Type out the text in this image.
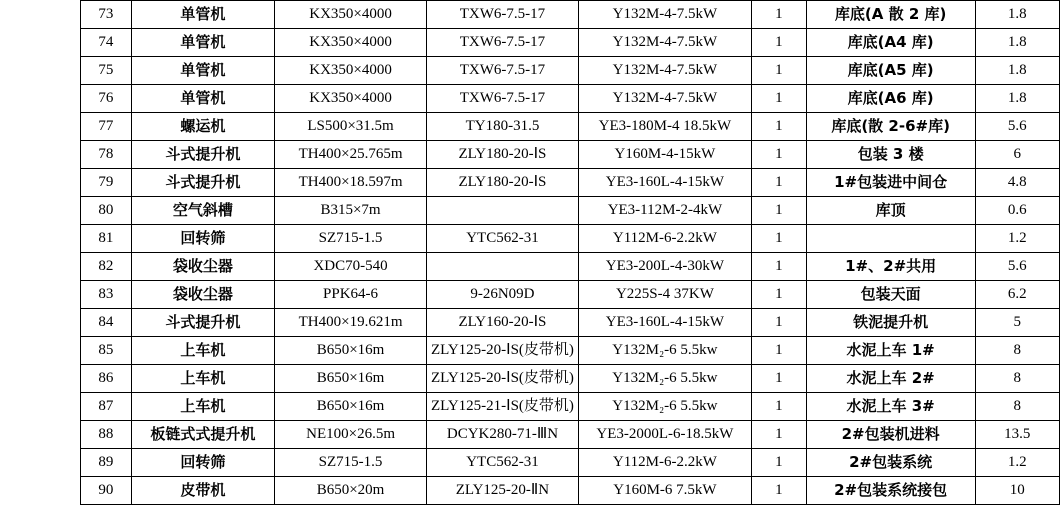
73	单管机	KX350×4000	TXW6-7.5-17	Y132M-4-7.5kW	1	库底(A 散 2 库)	1.8
74	单管机	KX350×4000	TXW6-7.5-17	Y132M-4-7.5kW	1	库底(A4 库)	1.8
75	单管机	KX350×4000	TXW6-7.5-17	Y132M-4-7.5kW	1	库底(A5 库)	1.8
76	单管机	KX350×4000	TXW6-7.5-17	Y132M-4-7.5kW	1	库底(A6 库)	1.8
77	螺运机	LS500×31.5m	TY180-31.5	YE3-180M-4 18.5kW	1	库底(散 2-6#库)	5.6
78	斗式提升机	TH400×25.765m	ZLY180-20-ⅠS	Y160M-4-15kW	1	包装 3 楼	6
79	斗式提升机	TH400×18.597m	ZLY180-20-ⅠS	YE3-160L-4-15kW	1	1#包装进中间仓	4.8
80	空气斜槽	B315×7m		YE3-112M-2-4kW	1	库顶	0.6
81	回转筛	SZ715-1.5	YTC562-31	Y112M-6-2.2kW	1		1.2
82	袋收尘器	XDC70-540		YE3-200L-4-30kW	1	1#、2#共用	5.6
83	袋收尘器	PPK64-6	9-26N09D	Y225S-4 37KW	1	包装天面	6.2
84	斗式提升机	TH400×19.621m	ZLY160-20-ⅠS	YE3-160L-4-15kW	1	铁泥提升机	5
85	上车机	B650×16m	ZLY125-20-ⅠS(皮带机)	Y132M₂-6 5.5kw	1	水泥上车 1#	8
86	上车机	B650×16m	ZLY125-20-ⅠS(皮带机)	Y132M₂-6 5.5kw	1	水泥上车 2#	8
87	上车机	B650×16m	ZLY125-21-ⅠS(皮带机)	Y132M₂-6 5.5kw	1	水泥上车 3#	8
88	板链式式提升机	NE100×26.5m	DCYK280-71-ⅢN	YE3-2000L-6-18.5kW	1	2#包装机进料	13.5
89	回转筛	SZ715-1.5	YTC562-31	Y112M-6-2.2kW	1	2#包装系统	1.2
90	皮带机	B650×20m	ZLY125-20-ⅡN	Y160M-6 7.5kW	1	2#包装系统接包	10
